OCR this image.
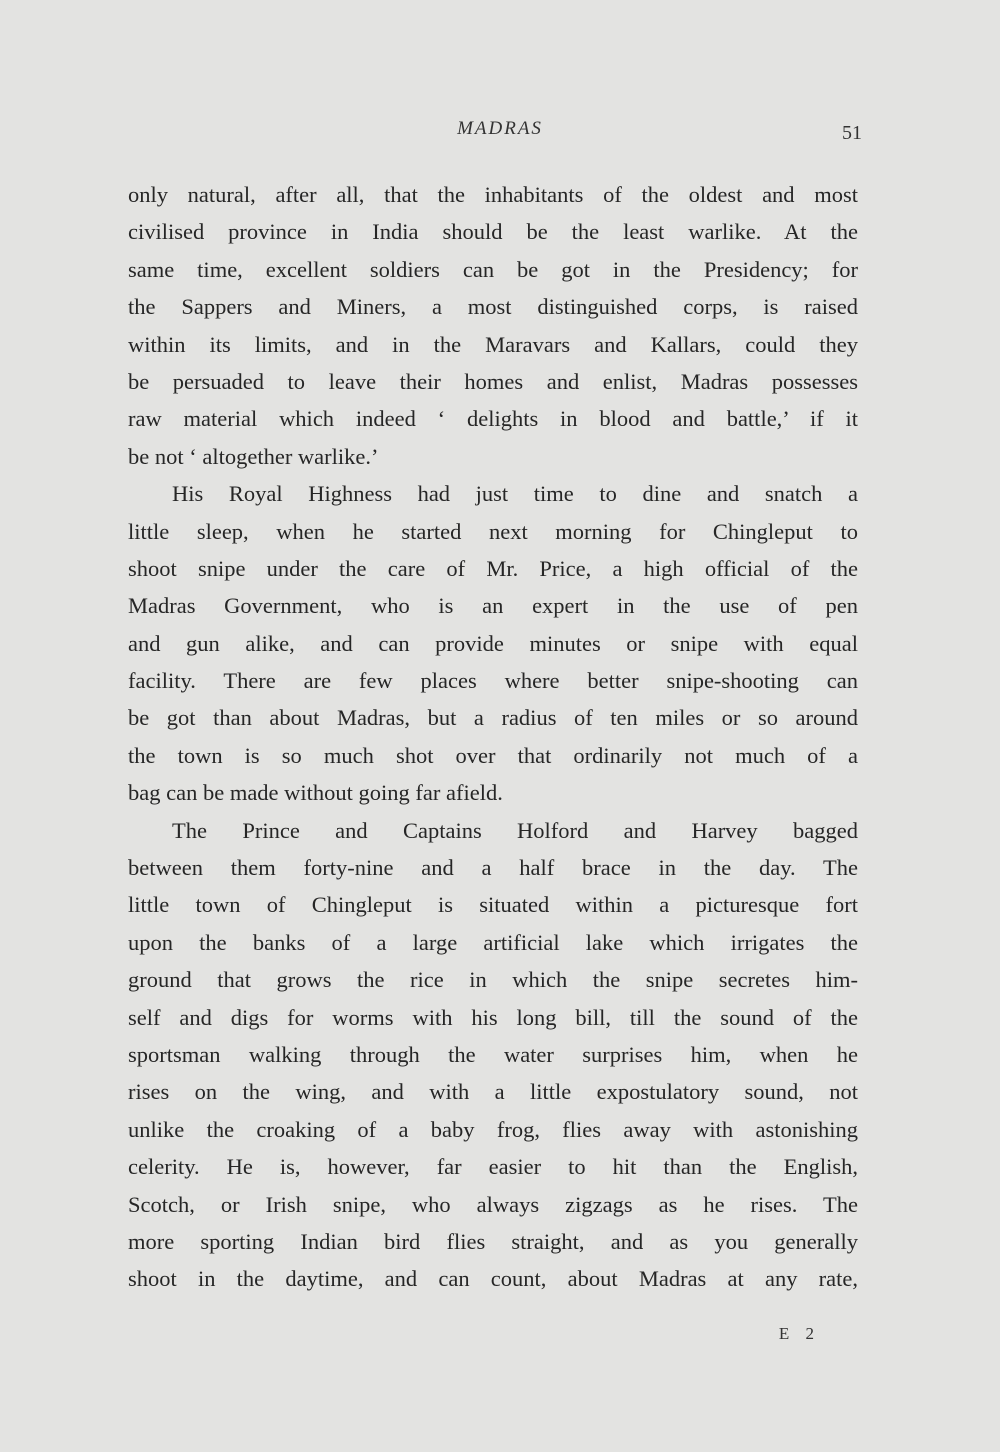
MADRAS	51
only natural, after all, that the inhabitants of the oldest and most
civilised province in India should be the least warlike. At the
same time, excellent soldiers can be got in the Presidency; for
the Sappers and Miners, a most distinguished corps, is raised
within its limits, and in the Maravars and Kallars, could they
be persuaded to leave their homes and enlist, Madras possesses
raw material which indeed ‘ delights in blood and battle,’ if it
be not ‘ altogether warlike.’
His Royal Highness had just time to dine and snatch a
little sleep, when he started next morning for Chingleput to
shoot snipe under the care of Mr. Price, a high official of the
Madras Government, who is an expert in the use of pen
and gun alike, and can provide minutes or snipe with equal
facility. There are few places where better snipe-shooting can
be got than about Madras, but a radius of ten miles or so around
the town is so much shot over that ordinarily not much of a
bag can be made without going far afield.
The Prince and Captains Holford and Harvey bagged
between them forty-nine and a half brace in the day. The
little town of Chingleput is situated within a picturesque fort
upon the banks of a large artificial lake which irrigates the
ground that grows the rice in which the snipe secretes him-
self and digs for worms with his long bill, till the sound of the
sportsman walking through the water surprises him, when he
rises on the wing, and with a little expostulatory sound, not
unlike the croaking of a baby frog, flies away with astonishing
celerity. He is, however, far easier to hit than the English,
Scotch, or Irish snipe, who always zigzags as he rises. The
more sporting Indian bird flies straight, and as you generally
shoot in the daytime, and can count, about Madras at any rate,
E 2
